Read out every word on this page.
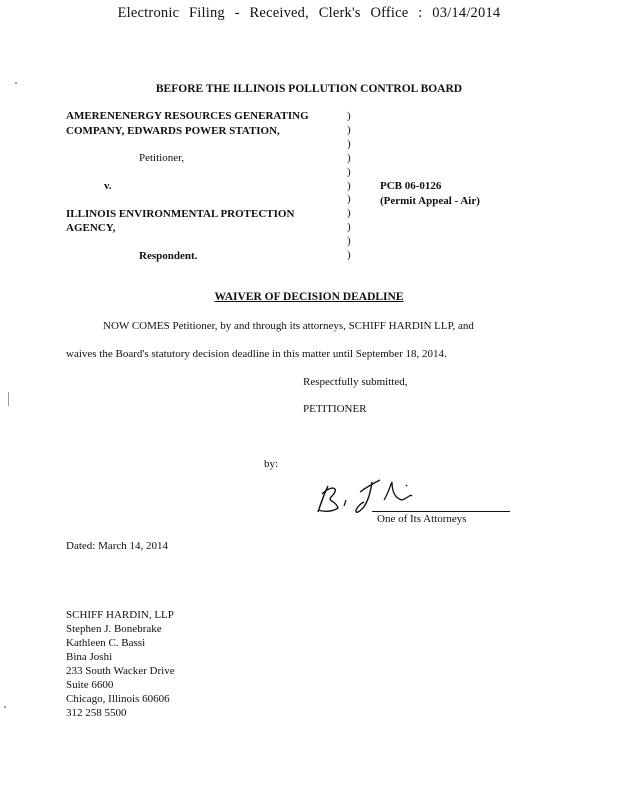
Electronic Filing - Received, Clerk's Office : 03/14/2014
BEFORE THE ILLINOIS POLLUTION CONTROL BOARD
AMERENENERGY RESOURCES GENERATING
COMPANY, EDWARDS POWER STATION,
Petitioner,
v.
ILLINOIS ENVIRONMENTAL PROTECTION
AGENCY,
Respondent.
)
)
)
)
)
)
)
)
)
)
)
PCB 06-0126
(Permit Appeal - Air)
WAIVER OF DECISION DEADLINE
NOW COMES Petitioner, by and through its attorneys, SCHIFF HARDIN LLP, and
waives the Board's statutory decision deadline in this matter until September 18, 2014.
Respectfully submitted,
PETITIONER
by:
One of Its Attorneys
Dated: March 14, 2014
SCHIFF HARDIN, LLP
Stephen J. Bonebrake
Kathleen C. Bassi
Bina Joshi
233 South Wacker Drive
Suite 6600
Chicago, Illinois 60606
312 258 5500
